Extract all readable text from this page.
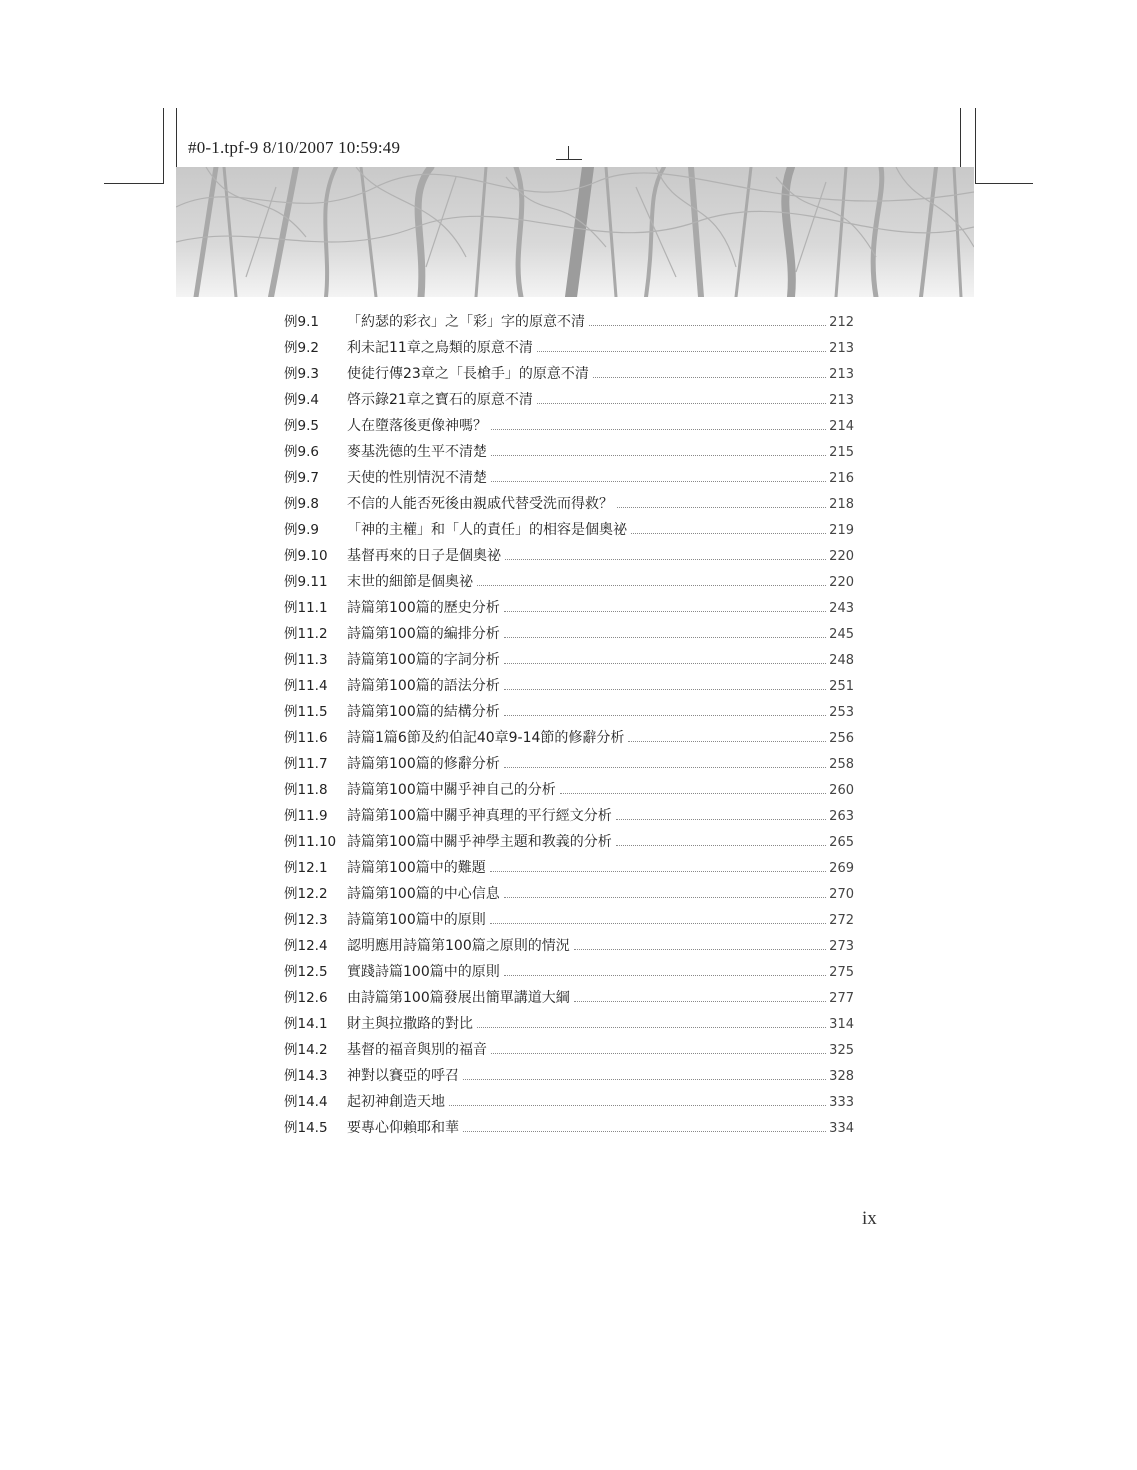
#0-1.tpf-9 8/10/2007 10:59:49
例9.1	「約瑟的彩衣」之「彩」字的原意不清	212
例9.2	利未記11章之鳥類的原意不清	213
例9.3	使徒行傳23章之「長槍手」的原意不清	213
例9.4	啓示錄21章之寶石的原意不清	213
例9.5	人在墮落後更像神嗎？	214
例9.6	麥基洗德的生平不清楚	215
例9.7	天使的性別情況不清楚	216
例9.8	不信的人能否死後由親戚代替受洗而得救？	218
例9.9	「神的主權」和「人的責任」的相容是個奧祕	219
例9.10	基督再來的日子是個奧祕	220
例9.11	末世的細節是個奧祕	220
例11.1	詩篇第100篇的歷史分析	243
例11.2	詩篇第100篇的編排分析	245
例11.3	詩篇第100篇的字詞分析	248
例11.4	詩篇第100篇的語法分析	251
例11.5	詩篇第100篇的結構分析	253
例11.6	詩篇1篇6節及約伯記40章9-14節的修辭分析	256
例11.7	詩篇第100篇的修辭分析	258
例11.8	詩篇第100篇中關乎神自己的分析	260
例11.9	詩篇第100篇中關乎神真理的平行經文分析	263
例11.10 詩篇第100篇中關乎神學主題和教義的分析	265
例12.1	詩篇第100篇中的難題	269
例12.2	詩篇第100篇的中心信息	270
例12.3	詩篇第100篇中的原則	272
例12.4	認明應用詩篇第100篇之原則的情況	273
例12.5	實踐詩篇100篇中的原則	275
例12.6	由詩篇第100篇發展出簡單講道大綱	277
例14.1	財主與拉撒路的對比	314
例14.2	基督的福音與別的福音	325
例14.3	神對以賽亞的呼召	328
例14.4	起初神創造天地	333
例14.5	要專心仰賴耶和華	334
ix
